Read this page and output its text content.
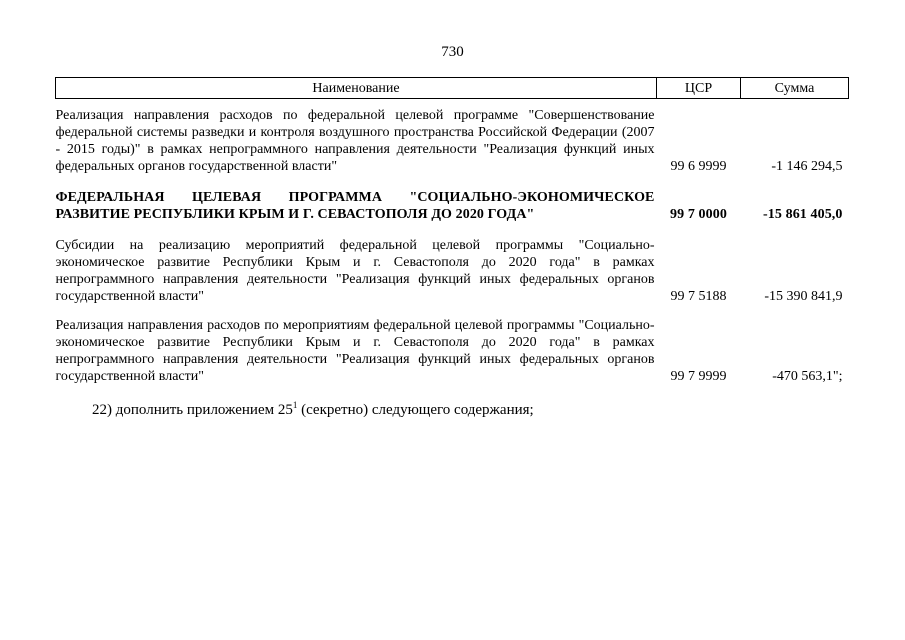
730
Наименование	ЦСР	Сумма
Реализация направления расходов по федеральной целевой программе "Совершенствование федеральной системы разведки и контроля воздушного пространства Российской Федерации (2007 - 2015 годы)" в рамках непрограммного направления деятельности "Реализация функций иных федеральных органов государственной власти"	99 6 9999	-1 146 294,5
ФЕДЕРАЛЬНАЯ ЦЕЛЕВАЯ ПРОГРАММА "СОЦИАЛЬНО-ЭКОНОМИЧЕСКОЕ РАЗВИТИЕ РЕСПУБЛИКИ КРЫМ И Г. СЕВАСТОПОЛЯ ДО 2020 ГОДА"	99 7 0000	-15 861 405,0
Субсидии на реализацию мероприятий федеральной целевой программы "Социально-экономическое развитие Республики Крым и г. Севастополя до 2020 года" в рамках непрограммного направления деятельности "Реализация функций иных федеральных органов государственной власти"	99 7 5188	-15 390 841,9
Реализация направления расходов по мероприятиям федеральной целевой программы "Социально-экономическое развитие Республики Крым и г. Севастополя до 2020 года" в рамках непрограммного направления деятельности "Реализация функций иных федеральных органов государственной власти"	99 7 9999	-470 563,1";
22) дополнить приложением $25^1$ (секретно) следующего содержания;
